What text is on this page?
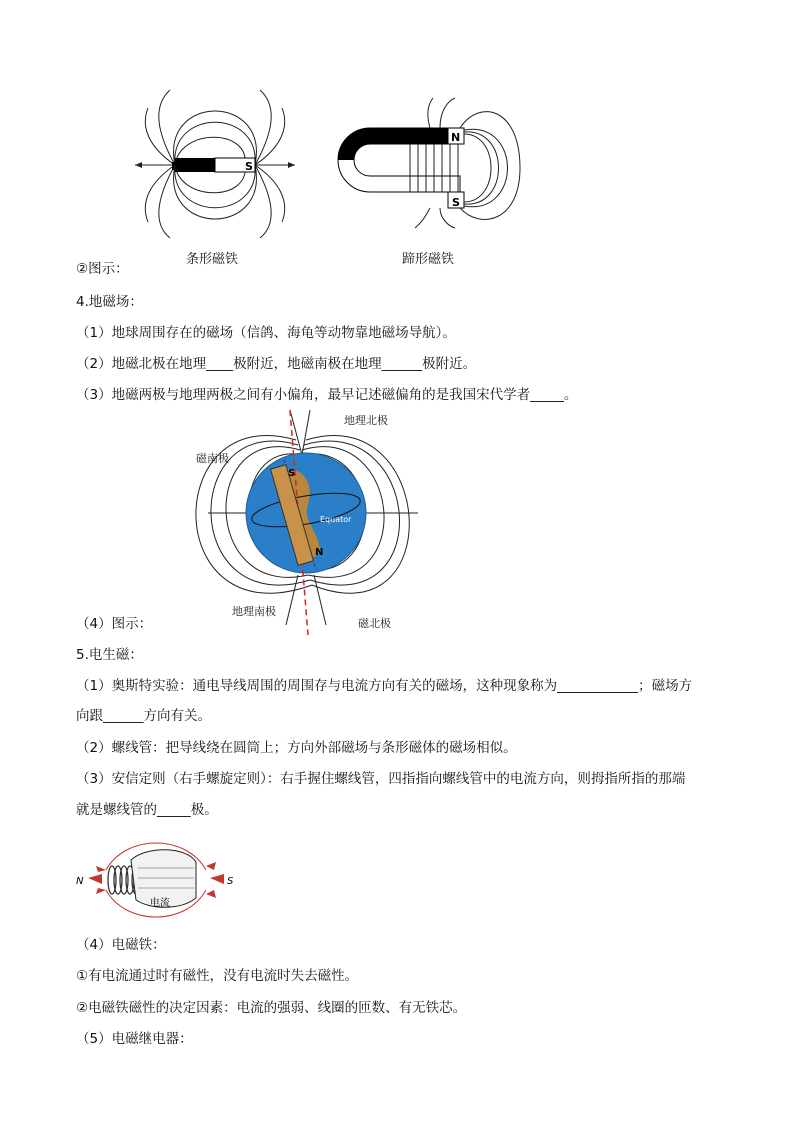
N	S
条形磁铁
N
S
蹄形磁铁
②图示：
4.地磁场：
（1）地球周围存在的磁场（信鸽、海龟等动物靠地磁场导航）。
（2）地磁北极在地理____极附近，地磁南极在地理______极附近。
（3）地磁两极与地理两极之间有小偏角，最早记述磁偏角的是我国宋代学者_____。
S
N
Equator
地理北极
磁南极
地理南极
磁北极
（4）图示：
5.电生磁：
（1）奥斯特实验：通电导线周围的周围存与电流方向有关的磁场，这种现象称为____________；磁场方
向跟______方向有关。
（2）螺线管：把导线绕在圆筒上；方向外部磁场与条形磁体的磁场相似。
（3）安信定则（右手螺旋定则）：右手握住螺线管，四指指向螺线管中的电流方向，则拇指所指的那端
就是螺线管的_____极。
电流
N	S
（4）电磁铁：
①有电流通过时有磁性，没有电流时失去磁性。
②电磁铁磁性的决定因素：电流的强弱、线圈的匝数、有无铁芯。
（5）电磁继电器：
